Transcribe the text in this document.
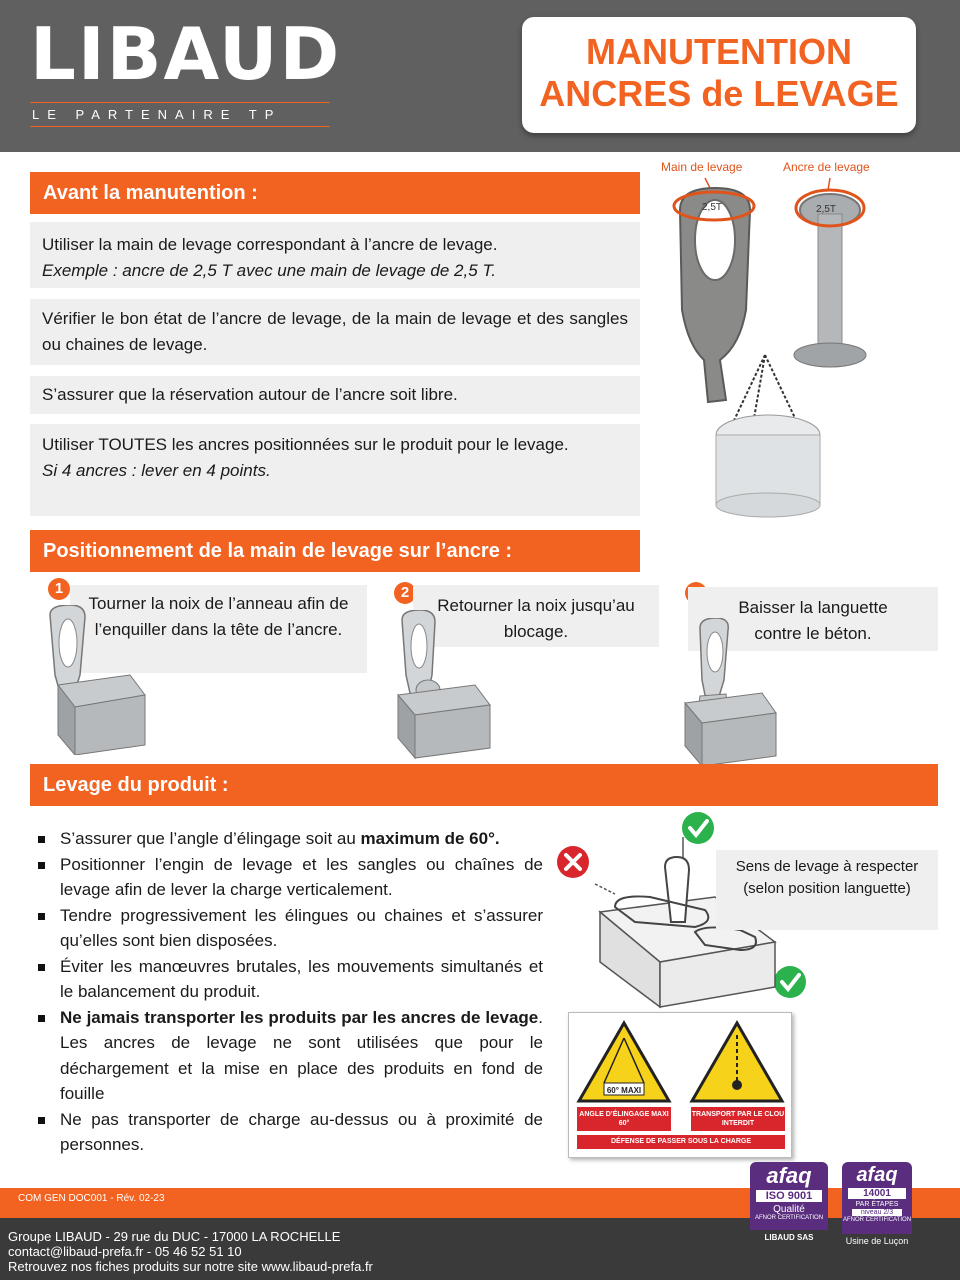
LIBAUD
LE PARTENAIRE TP
MANUTENTION
ANCRES de LEVAGE
Avant la manutention :
Utiliser la main de levage correspondant à l’ancre de levage.
Exemple : ancre de 2,5 T avec une main de levage de 2,5 T.
Vérifier le bon état de l’ancre de levage, de la main de levage et des sangles ou chaines de levage.
S’assurer que la réservation autour de l’ancre soit libre.
Utiliser TOUTES les ancres positionnées sur le produit pour le levage.
Si 4 ancres : lever en 4 points.
Main de levage	Ancre de levage
2,5T	2,5T
Positionnement de la main de levage sur l’ancre :
1
Tourner la noix de l’anneau afin de l’enquiller dans la tête de l’ancre.
2
Retourner la noix jusqu’au blocage.
Baisser la languette contre le béton.
Levage du produit :
S’assurer que l’angle d’élingage soit au maximum de 60°.
Positionner l’engin de levage et les sangles ou chaînes de levage afin de lever la charge verticalement.
Tendre progressivement les élingues ou chaines et s’assurer qu’elles sont bien disposées.
Éviter les manœuvres brutales, les mouvements simultanés et le balancement du produit.
Ne jamais transporter les produits par les ancres de levage. Les ancres de levage ne sont utilisées que pour le déchargement et la mise en place des produits en fond de fouille
Ne pas transporter de charge au-dessus ou à proximité de personnes.
Sens de levage à respecter (selon position languette)
60° MAXI
ANGLE D’ÉLINGAGE MAXI 60°
TRANSPORT PAR LE CLOU INTERDIT
DÉFENSE DE PASSER SOUS LA CHARGE
COM GEN DOC001 - Rév. 02-23
Groupe LIBAUD - 29 rue du DUC - 17000 LA ROCHELLE
contact@libaud-prefa.fr - 05 46 52 51 10
Retrouvez nos fiches produits sur notre site www.libaud-prefa.fr
afaq
ISO 9001
Qualité
AFNOR CERTIFICATION
LIBAUD SAS
afaq
14001
PAR ÉTAPES
niveau 2/3
AFNOR CERTIFICATION
Usine de Luçon
